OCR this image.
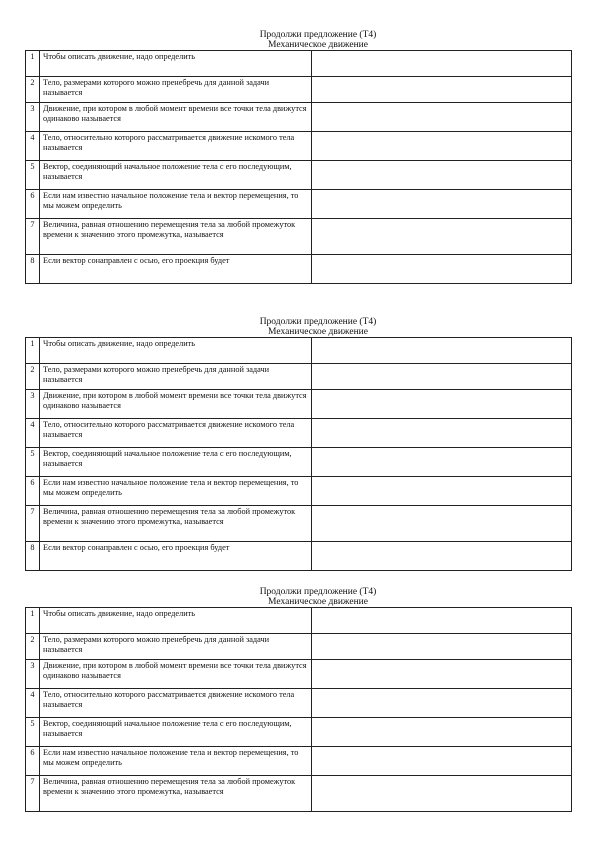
Продолжи предложение (Т4)
Механическое движение
1	Чтобы описать движение, надо определить	
2	Тело, размерами которого можно пренебречь для данной задачи называется	
3	Движение, при котором в любой момент времени все точки тела движутся одинаково называется	
4	Тело, относительно которого рассматривается движение искомого тела называется	
5	Вектор, соединяющий начальное положение тела с его последующим, называется	
6	Если нам известно начальное положение тела и вектор перемещения, то мы можем определить	
7	Величина, равная отношению перемещения тела за любой промежуток времени к значению этого промежутка, называется	
8	Если вектор сонаправлен с осью, его проекция будет	
Продолжи предложение (Т4)
Механическое движение
1	Чтобы описать движение, надо определить	
2	Тело, размерами которого можно пренебречь для данной задачи называется	
3	Движение, при котором в любой момент времени все точки тела движутся одинаково называется	
4	Тело, относительно которого рассматривается движение искомого тела называется	
5	Вектор, соединяющий начальное положение тела с его последующим, называется	
6	Если нам известно начальное положение тела и вектор перемещения, то мы можем определить	
7	Величина, равная отношению перемещения тела за любой промежуток времени к значению этого промежутка, называется	
8	Если вектор сонаправлен с осью, его проекция будет	
Продолжи предложение (Т4)
Механическое движение
1	Чтобы описать движение, надо определить	
2	Тело, размерами которого можно пренебречь для данной задачи называется	
3	Движение, при котором в любой момент времени все точки тела движутся одинаково называется	
4	Тело, относительно которого рассматривается движение искомого тела называется	
5	Вектор, соединяющий начальное положение тела с его последующим, называется	
6	Если нам известно начальное положение тела и вектор перемещения, то мы можем определить	
7	Величина, равная отношению перемещения тела за любой промежуток времени к значению этого промежутка, называется	
